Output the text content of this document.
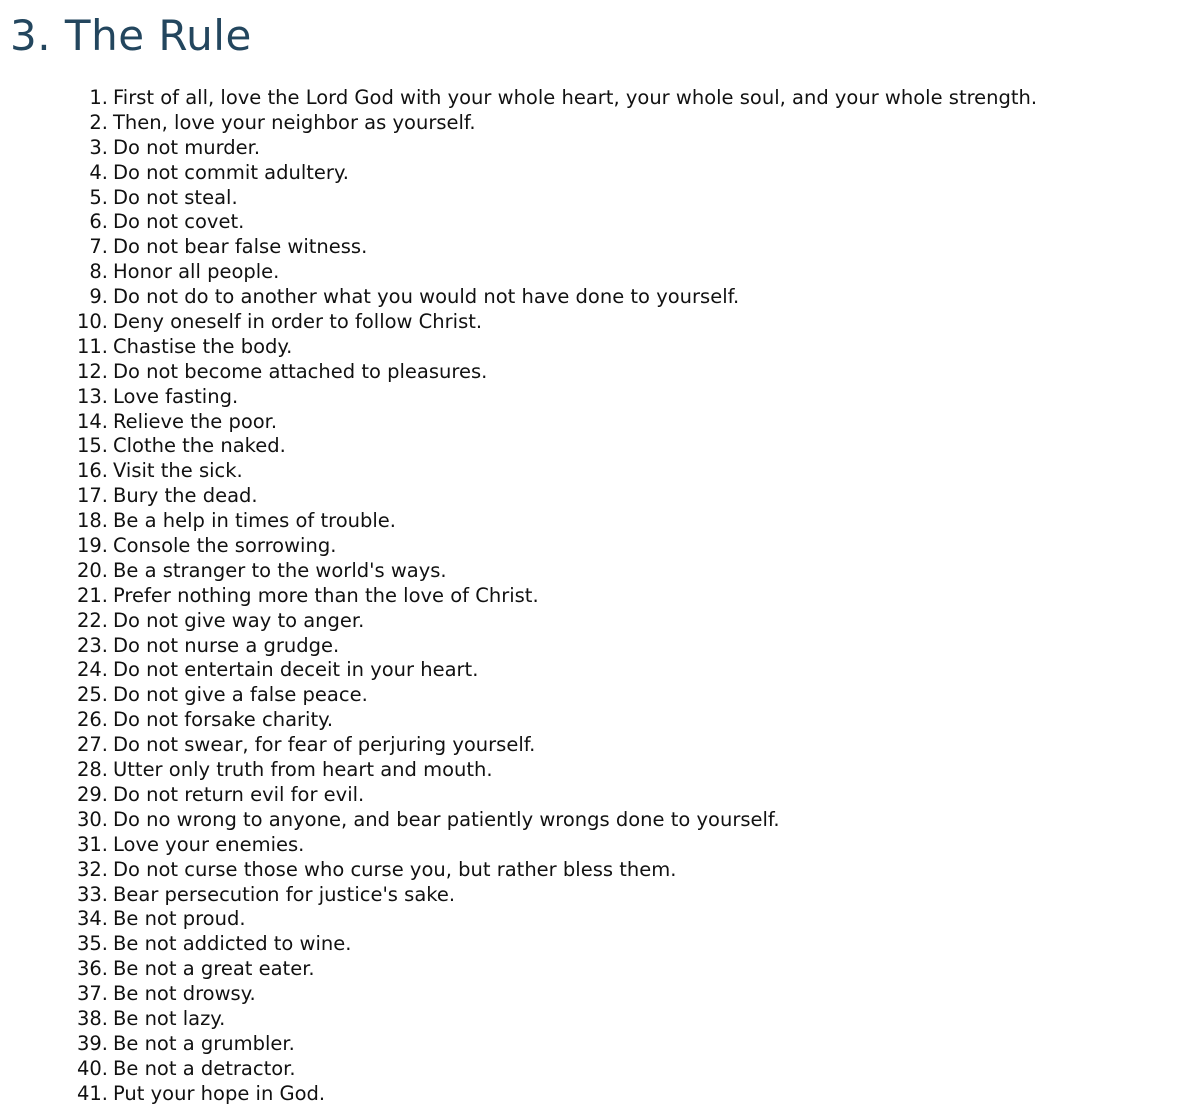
3. The Rule
1. First of all, love the Lord God with your whole heart, your whole soul, and your whole strength.
2. Then, love your neighbor as yourself.
3. Do not murder.
4. Do not commit adultery.
5. Do not steal.
6. Do not covet.
7. Do not bear false witness.
8. Honor all people.
9. Do not do to another what you would not have done to yourself.
10. Deny oneself in order to follow Christ.
11. Chastise the body.
12. Do not become attached to pleasures.
13. Love fasting.
14. Relieve the poor.
15. Clothe the naked.
16. Visit the sick.
17. Bury the dead.
18. Be a help in times of trouble.
19. Console the sorrowing.
20. Be a stranger to the world's ways.
21. Prefer nothing more than the love of Christ.
22. Do not give way to anger.
23. Do not nurse a grudge.
24. Do not entertain deceit in your heart.
25. Do not give a false peace.
26. Do not forsake charity.
27. Do not swear, for fear of perjuring yourself.
28. Utter only truth from heart and mouth.
29. Do not return evil for evil.
30. Do no wrong to anyone, and bear patiently wrongs done to yourself.
31. Love your enemies.
32. Do not curse those who curse you, but rather bless them.
33. Bear persecution for justice's sake.
34. Be not proud.
35. Be not addicted to wine.
36. Be not a great eater.
37. Be not drowsy.
38. Be not lazy.
39. Be not a grumbler.
40. Be not a detractor.
41. Put your hope in God.
